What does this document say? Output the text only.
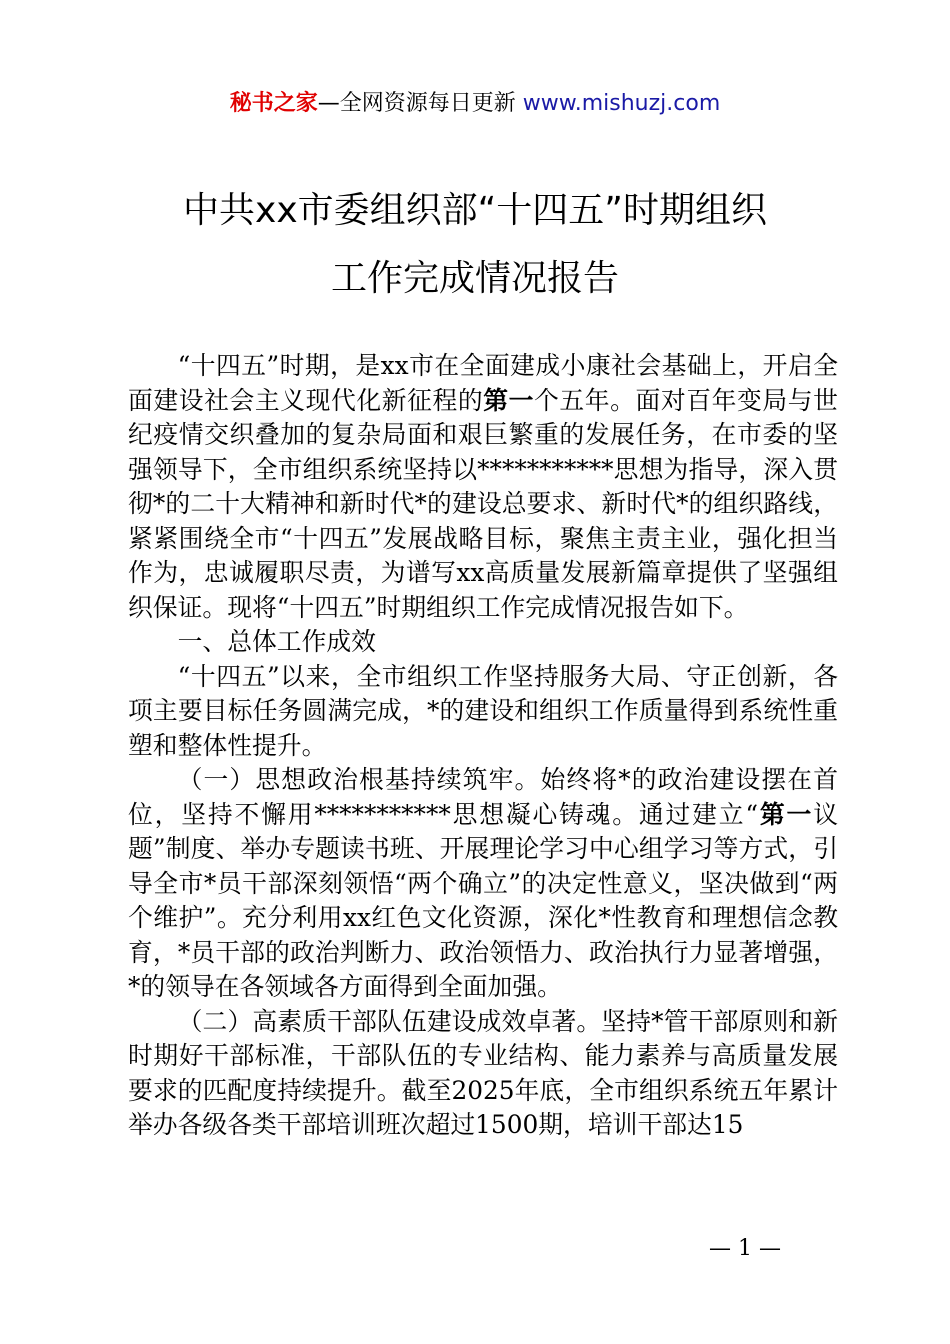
秘书之家—全网资源每日更新 www.mishuzj.com
中共xx市委组织部“十四五”时期组织
工作完成情况报告

“十四五”时期，是xx市在全面建成小康社会基础上，开启全面建设社会主义现代化新征程的第一个五年。面对百年变局与世纪疫情交织叠加的复杂局面和艰巨繁重的发展任务，在市委的坚强领导下，全市组织系统坚持以***********思想为指导，深入贯彻*的二十大精神和新时代*的建设总要求、新时代*的组织路线，紧紧围绕全市“十四五”发展战略目标，聚焦主责主业，强化担当作为，忠诚履职尽责，为谱写xx高质量发展新篇章提供了坚强组织保证。现将“十四五”时期组织工作完成情况报告如下。

一、总体工作成效

“十四五”以来，全市组织工作坚持服务大局、守正创新，各项主要目标任务圆满完成，*的建设和组织工作质量得到系统性重塑和整体性提升。

（一）思想政治根基持续筑牢。始终将*的政治建设摆在首位，坚持不懈用***********思想凝心铸魂。通过建立“第一议题”制度、举办专题读书班、开展理论学习中心组学习等方式，引导全市*员干部深刻领悟“两个确立”的决定性意义，坚决做到“两个维护”。充分利用xx红色文化资源，深化*性教育和理想信念教育，*员干部的政治判断力、政治领悟力、政治执行力显著增强，*的领导在各领域各方面得到全面加强。

（二）高素质干部队伍建设成效卓著。坚持*管干部原则和新时期好干部标准，干部队伍的专业结构、能力素养与高质量发展要求的匹配度持续提升。截至2025年底，全市组织系统五年累计举办各级各类干部培训班次超过1500期，培训干部达15

— 1 —
